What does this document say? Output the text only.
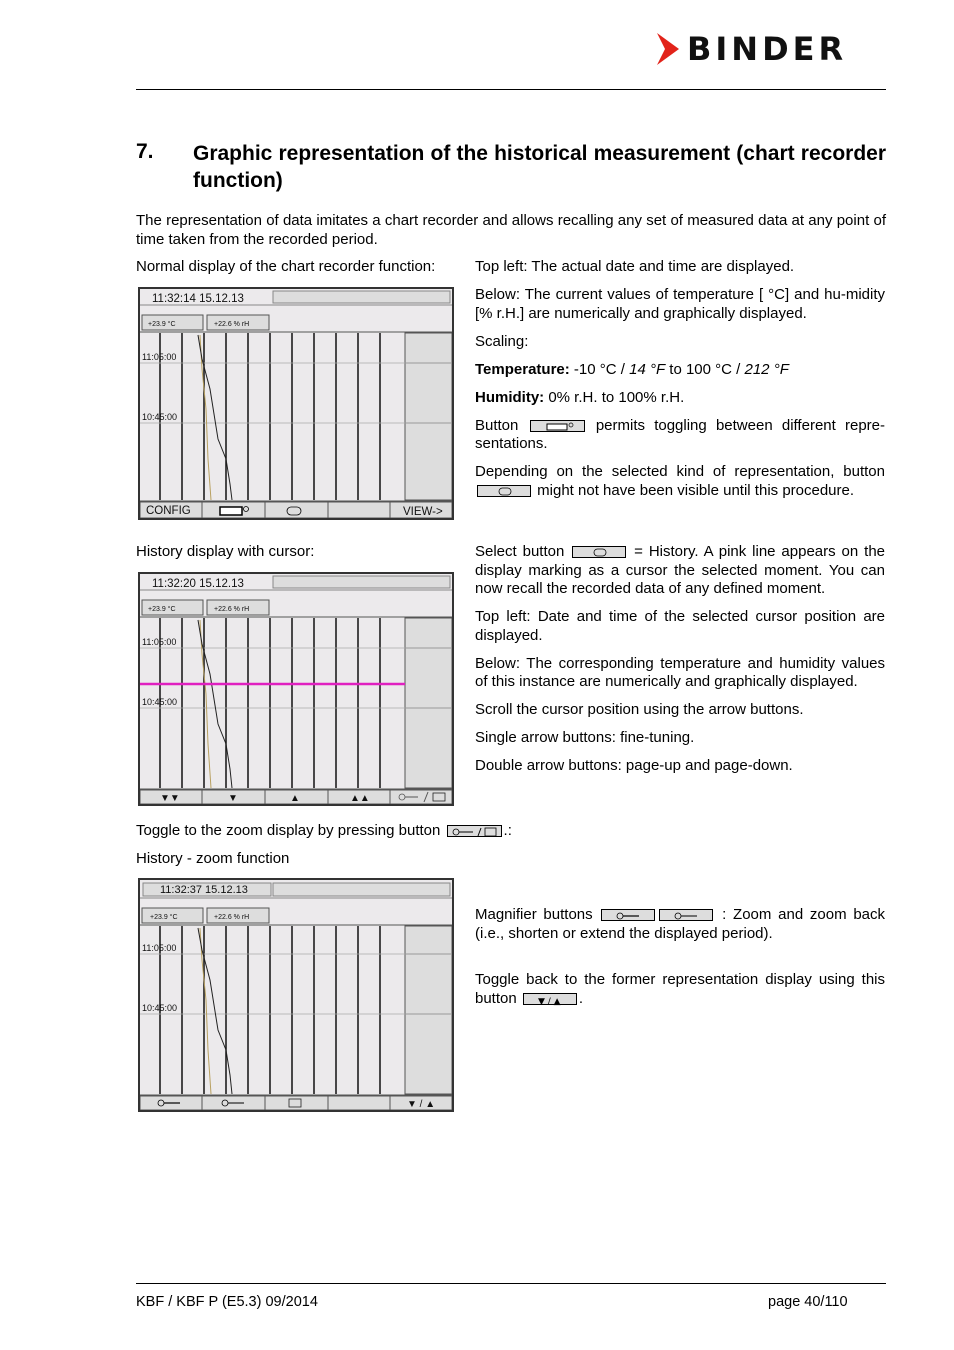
BINDER
7. Graphic representation of the historical measurement (chart recorder function)
The representation of data imitates a chart recorder and allows recalling any set of measured data at any point of time taken from the recorded period.
Normal display of the chart recorder function:
11:32:14 15.12.13
+23.9 °C	+22.6 % rH
11:05:00
10:45:00
CONFIG	VIEW->

Top left: The actual date and time are displayed.

Below: The current values of temperature [ °C] and hu-midity [% r.H.] are numerically and graphically displayed.

Scaling:

Temperature: -10 °C / 14 °F to 100 °C / 212 °F

Humidity: 0% r.H. to 100% r.H.

Button	permits toggling between different repre-sentations.

Depending on the selected kind of representation, button
might not have been visible until this procedure.

History display with cursor:
11:32:20 15.12.13
+23.9 °C	+22.6 % rH
11:05:00
10:45:00
▼▼	▼	▲	▲▲

Select button	= History. A pink line appears on the display marking as a cursor the selected moment. You can now recall the recorded data of any defined moment.

Top left: Date and time of the selected cursor position are displayed.

Below: The corresponding temperature and humidity values of this instance are numerically and graphically displayed.

Scroll the cursor position using the arrow buttons.

Single arrow buttons: fine-tuning.

Double arrow buttons: page-up and page-down.

Toggle to the zoom display by pressing button	.:
History - zoom function
11:32:37 15.12.13
+23.9 °C	+22.6 % rH
11:05:00
10:45:00
▼ / ▲

Magnifier buttons	: Zoom and zoom back (i.e., shorten or extend the displayed period).

Toggle back to the former representation display using this button ▼ / ▲ .

KBF / KBF P (E5.3) 09/2014	page 40/110
